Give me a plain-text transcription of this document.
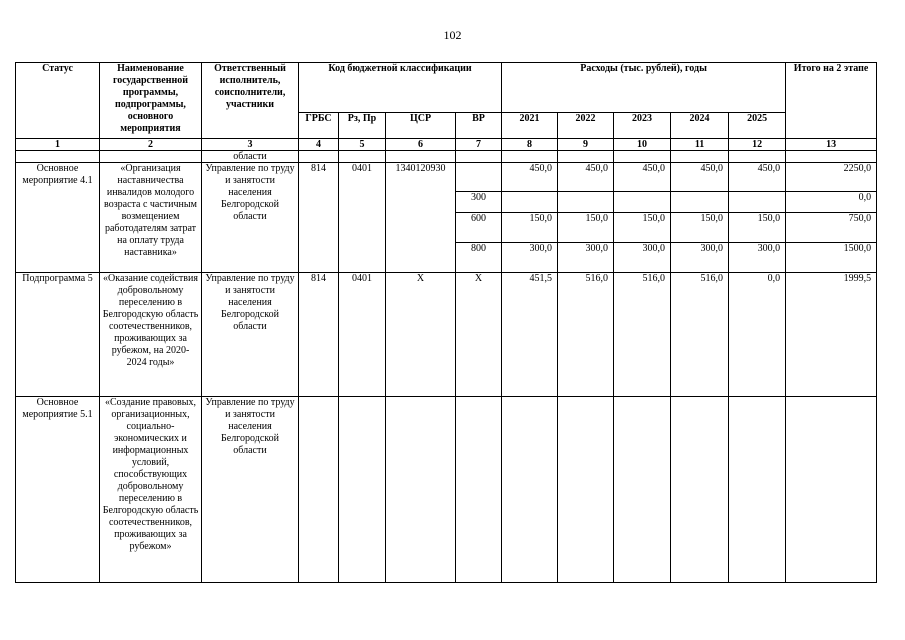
102
Статус	Наименование государственной программы, подпрограммы, основного мероприятия	Ответственный исполнитель, соисполнители, участники	Код бюджетной классификации				Расходы (тыс. рублей), годы					Итого на 2 этапе
			ГРБС	Рз, Пр	ЦСР	ВР	2021	2022	2023	2024	2025	
1	2	3	4	5	6	7	8	9	10	11	12	13
		области										
Основное мероприятие 4.1	«Организация наставничества инвалидов молодого возраста с частичным возмещением работодателям затрат на оплату труда наставника»	Управление по труду и занятости населения Белгородской области	814	0401	1340120930		450,0	450,0	450,0	450,0	450,0	2250,0
						300						0,0
						600	150,0	150,0	150,0	150,0	150,0	750,0
						800	300,0	300,0	300,0	300,0	300,0	1500,0
Подпрограмма 5	«Оказание содействия добровольному переселению в Белгородскую область соотечественников, проживающих за рубежом, на 2020-2024 годы»	Управление по труду и занятости населения Белгородской области	814	0401	X	X	451,5	516,0	516,0	516,0	0,0	1999,5
Основное мероприятие 5.1	«Создание правовых, организационных, социально-экономических и информационных условий, способствующих добровольному переселению в Белгородскую область соотечественников, проживающих за рубежом»	Управление по труду и занятости населения Белгородской области										
